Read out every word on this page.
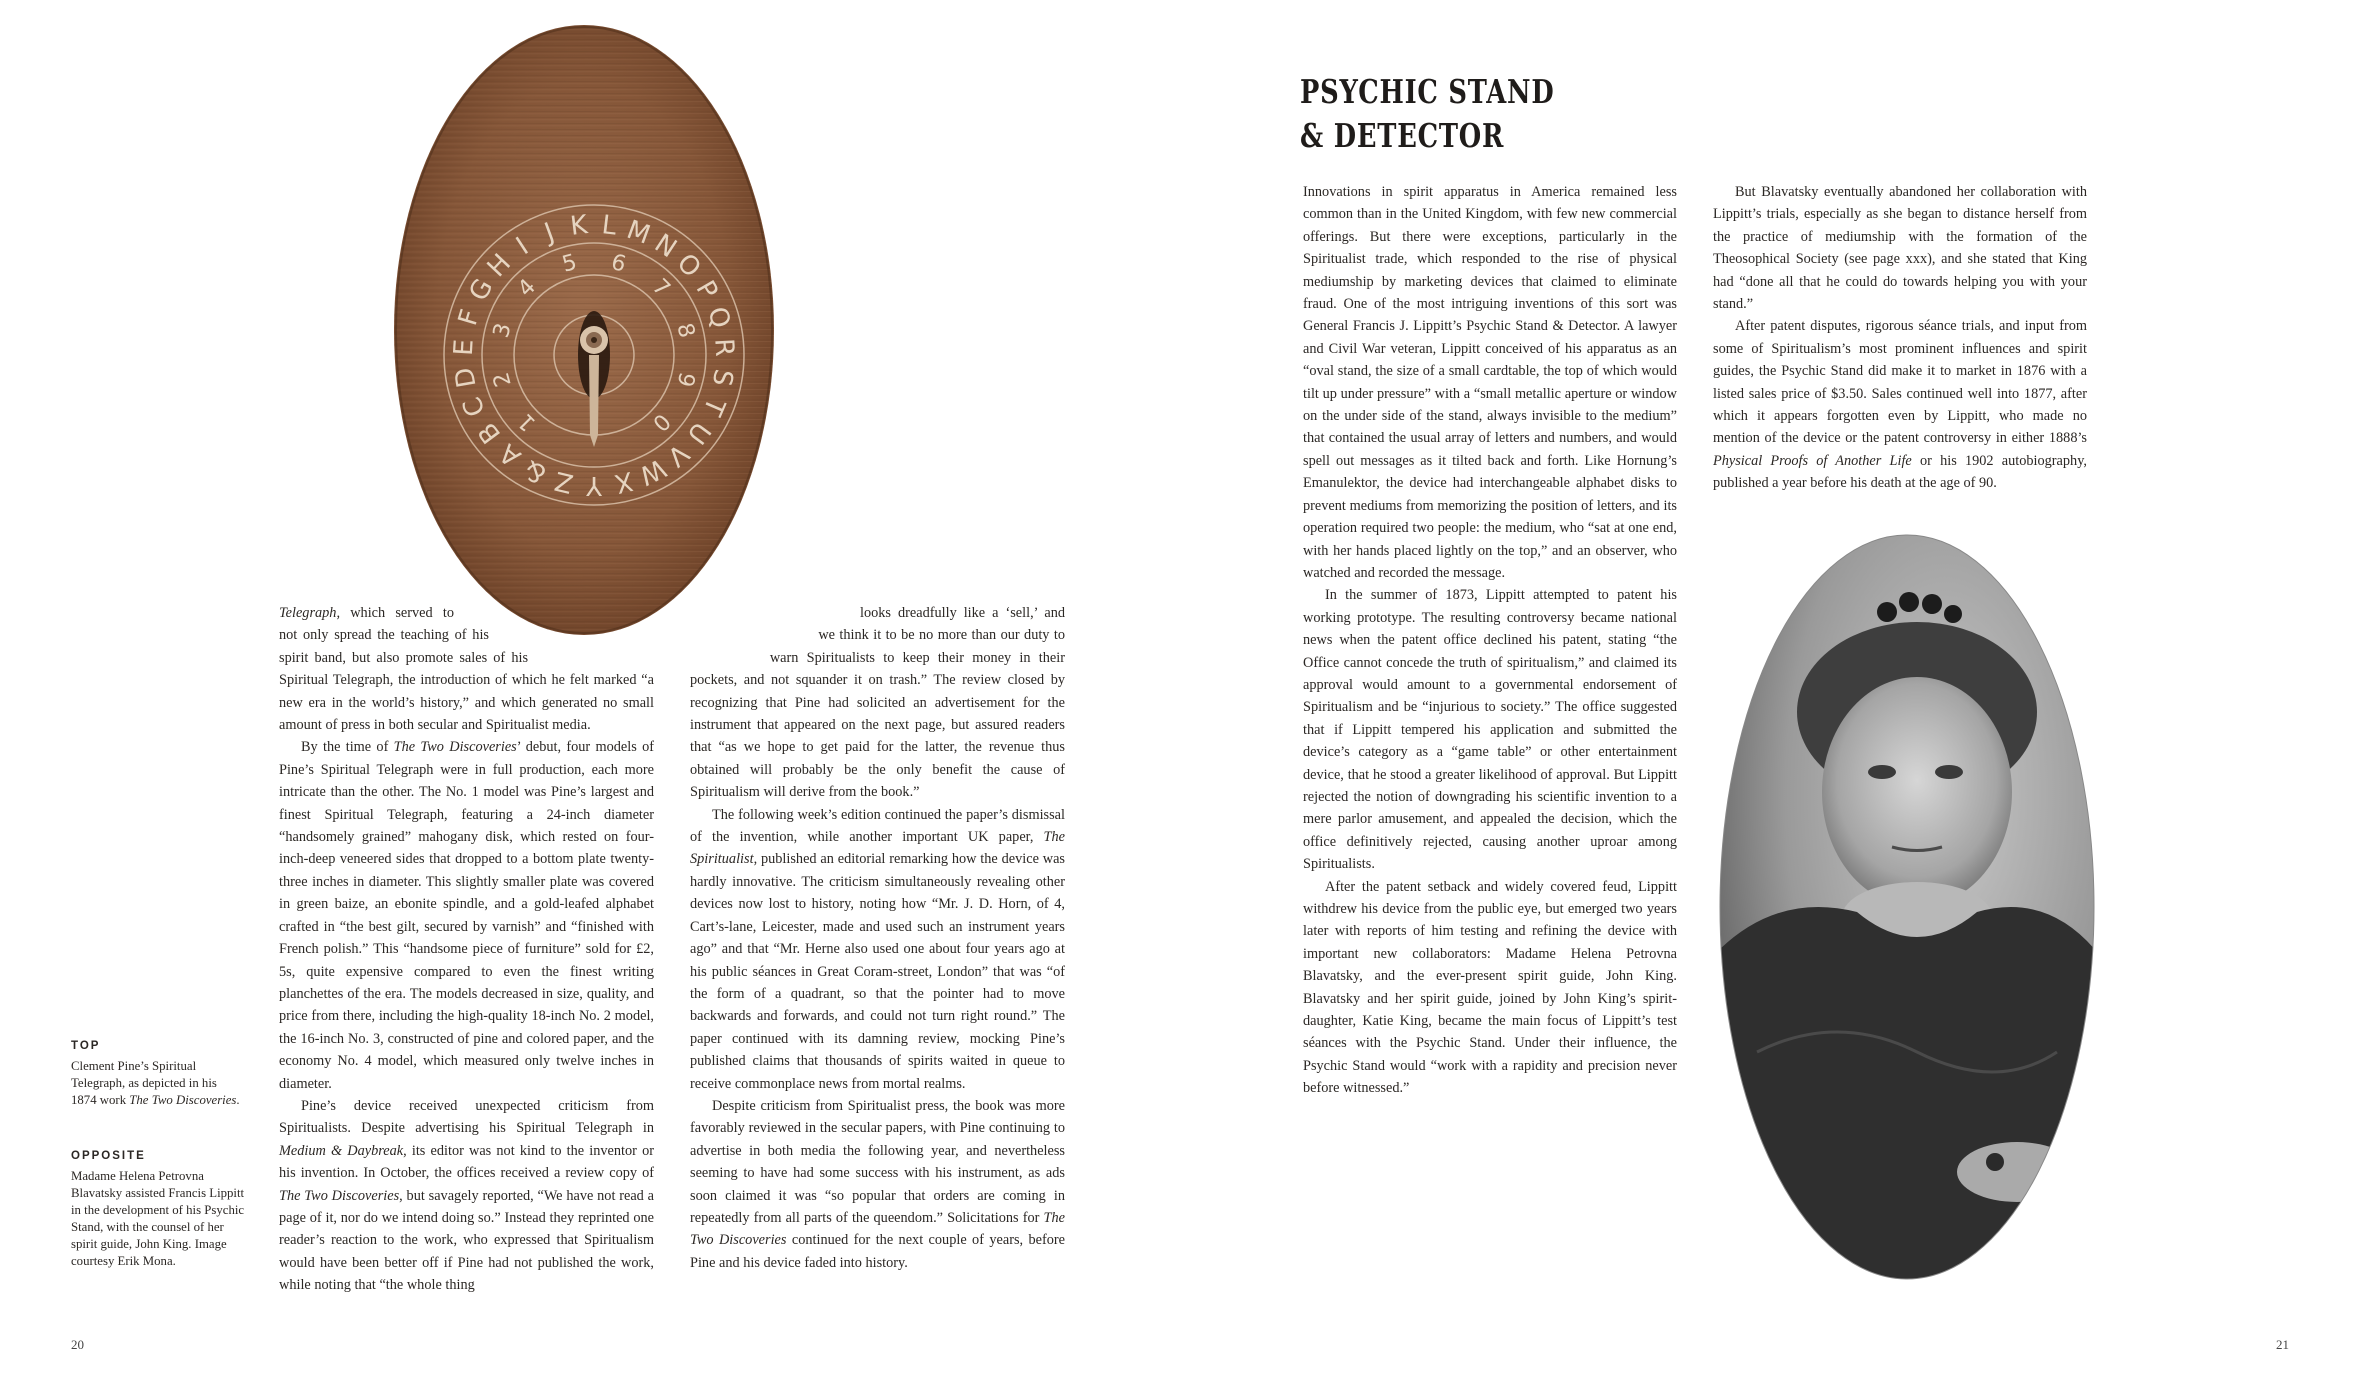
A
B
C
D
E
F
G
H
I J K L M
N
O
P
Q
R
S
T
U
V
W
X
Y
Z
&
1
2
3
4
5 6
7
8
9
0
TOP
Clement Pine’s Spiritual Telegraph, as depicted in his 1874 work The Two Discoveries.
OPPOSITE
Madame Helena Petrovna Blavatsky assisted Francis Lippitt in the development of his Psychic Stand, with the counsel of her spirit guide, John King. Image courtesy Erik Mona.

Telegraph, which served to not only spread the teaching of his spirit band, but also promote sales of his Spiritual Telegraph, the introduction of which he felt marked “a new era in the world’s history,” and which generated no small amount of press in both secular and Spiritualist media.

By the time of The Two Discoveries’ debut, four models of Pine’s Spiritual Telegraph were in full production, each more intricate than the other. The No. 1 model was Pine’s largest and finest Spiritual Telegraph, featuring a 24-inch diameter “handsomely grained” mahogany disk, which rested on four-inch-deep veneered sides that dropped to a bottom plate twenty-three inches in diameter. This slightly smaller plate was covered in green baize, an ebonite spindle, and a gold-leafed alphabet crafted in “the best gilt, secured by varnish” and “finished with French polish.” This “handsome piece of furniture” sold for £2, 5s, quite expensive compared to even the finest writing planchettes of the era. The models decreased in size, quality, and price from there, including the high-quality 18-inch No. 2 model, the 16-inch No. 3, constructed of pine and colored paper, and the economy No. 4 model, which measured only twelve inches in diameter.

Pine’s device received unexpected criticism from Spiritualists. Despite advertising his Spiritual Telegraph in Medium & Daybreak, its editor was not kind to the inventor or his invention. In October, the offices received a review copy of The Two Discoveries, but savagely reported, “We have not read a page of it, nor do we intend doing so.” Instead they reprinted one reader’s reaction to the work, who expressed that Spiritualism would have been better off if Pine had not published the work, while noting that “the whole thing

looks dreadfully like a ‘sell,’ and we think it to be no more than our duty to warn Spiritualists to keep their money in their pockets, and not squander it on trash.” The review closed by recognizing that Pine had solicited an advertisement for the instrument that appeared on the next page, but assured readers that “as we hope to get paid for the latter, the revenue thus obtained will probably be the only benefit the cause of Spiritualism will derive from the book.”

The following week’s edition continued the paper’s dismissal of the invention, while another important UK paper, The Spiritualist, published an editorial remarking how the device was hardly innovative. The criticism simultaneously revealing other devices now lost to history, noting how “Mr. J. D. Horn, of 4, Cart’s-lane, Leicester, made and used such an instrument years ago” and that “Mr. Herne also used one about four years ago at his public séances in Great Coram-street, London” that was “of the form of a quadrant, so that the pointer had to move backwards and forwards, and could not turn right round.” The paper continued with its damning review, mocking Pine’s published claims that thousands of spirits waited in queue to receive commonplace news from mortal realms.

Despite criticism from Spiritualist press, the book was more favorably reviewed in the secular papers, with Pine continuing to advertise in both media the following year, and nevertheless seeming to have had some success with his instrument, as ads soon claimed it was “so popular that orders are coming in repeatedly from all parts of the queendom.” Solicitations for The Two Discoveries continued for the next couple of years, before Pine and his device faded into history.

20
PSYCHIC STAND
& DETECTOR

Innovations in spirit apparatus in America remained less common than in the United Kingdom, with few new commercial offerings. But there were exceptions, particularly in the Spiritualist trade, which responded to the rise of physical mediumship by marketing devices that claimed to eliminate fraud. One of the most intriguing inventions of this sort was General Francis J. Lippitt’s Psychic Stand & Detector. A lawyer and Civil War veteran, Lippitt conceived of his apparatus as an “oval stand, the size of a small cardtable, the top of which would tilt up under pressure” with a “small metallic aperture or window on the under side of the stand, always invisible to the medium” that contained the usual array of letters and numbers, and would spell out messages as it tilted back and forth. Like Hornung’s Emanulektor, the device had interchangeable alphabet disks to prevent mediums from memorizing the position of letters, and its operation required two people: the medium, who “sat at one end, with her hands placed lightly on the top,” and an observer, who watched and recorded the message.

In the summer of 1873, Lippitt attempted to patent his working prototype. The resulting controversy became national news when the patent office declined his patent, stating “the Office cannot concede the truth of spiritualism,” and claimed its approval would amount to a governmental endorsement of Spiritualism and be “injurious to society.” The office suggested that if Lippitt tempered his application and submitted the device’s category as a “game table” or other entertainment device, that he stood a greater likelihood of approval. But Lippitt rejected the notion of downgrading his scientific invention to a mere parlor amusement, and appealed the decision, which the office definitively rejected, causing another uproar among Spiritualists.

After the patent setback and widely covered feud, Lippitt withdrew his device from the public eye, but emerged two years later with reports of him testing and refining the device with important new collaborators: Madame Helena Petrovna Blavatsky, and the ever-present spirit guide, John King. Blavatsky and her spirit guide, joined by John King’s spirit-daughter, Katie King, became the main focus of Lippitt’s test séances with the Psychic Stand. Under their influence, the Psychic Stand would “work with a rapidity and precision never before witnessed.”

But Blavatsky eventually abandoned her collaboration with Lippitt’s trials, especially as she began to distance herself from the practice of mediumship with the formation of the Theosophical Society (see page xxx), and she stated that King had “done all that he could do towards helping you with your stand.”

After patent disputes, rigorous séance trials, and input from some of Spiritualism’s most prominent influences and spirit guides, the Psychic Stand did make it to market in 1876 with a listed sales price of $3.50. Sales continued well into 1877, after which it appears forgotten even by Lippitt, who made no mention of the device or the patent controversy in either 1888’s Physical Proofs of Another Life or his 1902 autobiography, published a year before his death at the age of 90.

21
